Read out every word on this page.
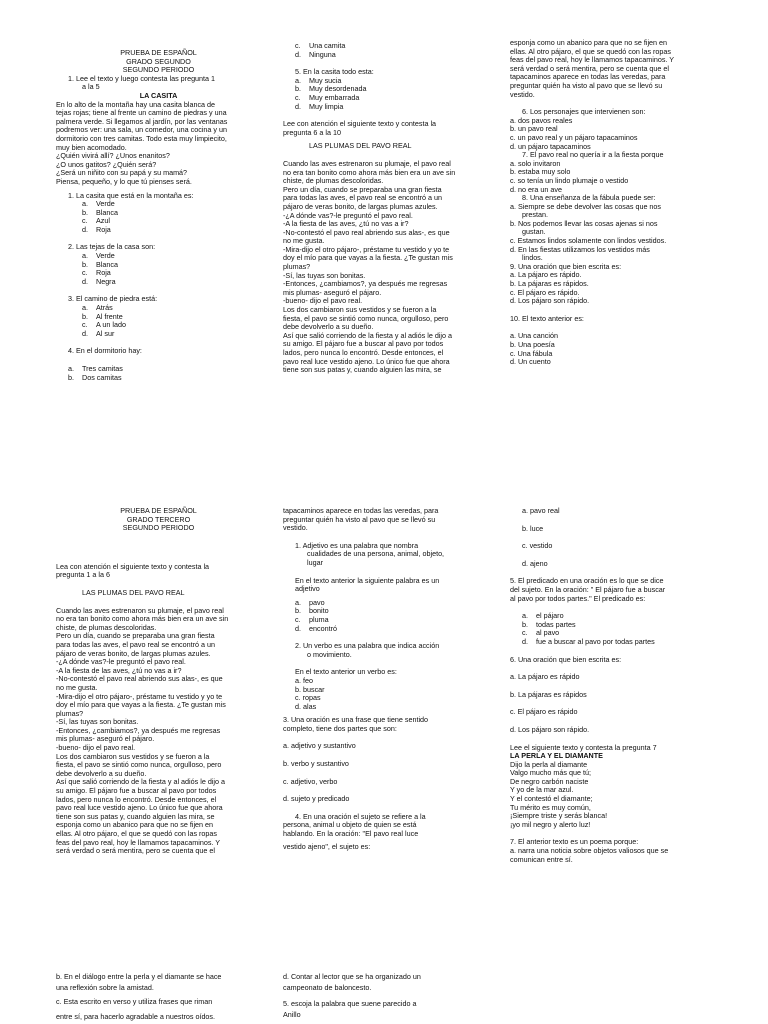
PRUEBA DE ESPAÑOL
GRADO SEGUNDO
SEGUNDO PERIODO
1. Lee el texto y luego contesta las pregunta 1
a la 5
LA CASITA
En lo alto de la montaña hay una casita blanca de
tejas rojas; tiene al frente un camino de piedras y una
palmera verde. Si llegamos al jardín, por las ventanas
podremos ver: una sala, un comedor, una cocina y un
dormitorio con tres camitas. Todo esta muy limpiecito,
muy bien acomodado.
¿Quién vivirá allí? ¿Unos enanitos?
¿O unos gatitos? ¿Quién será?
¿Será un niñito con su papá y su mamá?
Piensa, pequeño, y lo que tú pienses será.
1. La casita que está en la montaña es:
a.	Verde
b.	Blanca
c.	Azul
d.	Roja
2. Las tejas de la casa son:
a.	Verde
b.	Blanca
c.	Roja
d.	Negra
3. El camino de piedra está:
a.	Atrás
b.	Al frente
c.	A un lado
d.	Al sur
4. En el dormitorio hay:
a.	Tres camitas
b.	Dos camitas
c.	Una camita
d.	Ninguna
5. En la casita todo esta:
a.	Muy sucia
b.	Muy desordenada
c.	Muy embarrada
d.	Muy limpia
Lee con atención el siguiente texto y contesta la
pregunta 6 a la 10
LAS PLUMAS DEL PAVO REAL
Cuando las aves estrenaron su plumaje, el pavo real
no era tan bonito como ahora más bien era un ave sin
chiste, de plumas descoloridas.
Pero un día, cuando se preparaba una gran fiesta
para todas las aves, el pavo real se encontró a un
pájaro de veras bonito, de largas plumas azules.
-¿A dónde vas?-le preguntó el pavo real.
-A la fiesta de las aves, ¿tú no vas a ir?
-No-contestó el pavo real abriendo sus alas-, es que
no me gusta.
-Mira-dijo el otro pájaro-, préstame tu vestido y yo te
doy el mío para que vayas a la fiesta. ¿Te gustan mis
plumas?
-Sí, las tuyas son bonitas.
-Entonces, ¿cambiamos?, ya después me regresas
mis plumas- aseguró el pájaro.
-bueno- dijo el pavo real.
Los dos cambiaron sus vestidos y se fueron a la
fiesta, el pavo se sintió como nunca, orgulloso, pero
debe devolverlo a su dueño.
Así que salió corriendo de la fiesta y al adiós le dijo a
su amigo. El pájaro fue a buscar al pavo por todos
lados, pero nunca lo encontró. Desde entonces, el
pavo real luce vestido ajeno. Lo único fue que ahora
tiene son sus patas y, cuando alguien las mira, se
esponja como un abanico para que no se fijen en
ellas. Al otro pájaro, el que se quedó con las ropas
feas del pavo real, hoy le llamamos tapacaminos. Y
será verdad o será mentira, pero se cuenta que el
tapacaminos aparece en todas las veredas, para
preguntar quién ha visto al pavo que se llevó su
vestido.
6. Los personajes que intervienen son:
a. dos pavos reales
b. un pavo real
c. un pavo real y un pájaro tapacaminos
d. un pájaro tapacaminos
7. El pavo real no quería ir a la fiesta porque
a. solo invitaron
b. estaba muy solo
c. so tenía un lindo plumaje o vestido
d. no era un ave
8. Una enseñanza de la fábula puede ser:
a. Siempre se debe devolver las cosas que nos
prestan.
b. Nos podemos llevar las cosas ajenas si nos
gustan.
c. Estamos lindos solamente con lindos vestidos.
d. En las fiestas utilizamos los vestidos más
lindos.
9. Una oración que bien escrita es:
a. La pájaro es rápido.
b. La pájaras es rápidos.
c. El pájaro es rápido.
d. Los pájaro son rápido.
10. El texto anterior es:
a. Una canción
b. Una poesía
c. Una fábula
d. Un cuento
PRUEBA DE ESPAÑOL
GRADO TERCERO
SEGUNDO PERIODO
Lea con atención el siguiente texto y contesta la
pregunta 1 a la 6
LAS PLUMAS DEL PAVO REAL
Cuando las aves estrenaron su plumaje, el pavo real
no era tan bonito como ahora más bien era un ave sin
chiste, de plumas descoloridas.
Pero un día, cuando se preparaba una gran fiesta
para todas las aves, el pavo real se encontró a un
pájaro de veras bonito, de largas plumas azules.
-¿A dónde vas?-le preguntó el pavo real.
-A la fiesta de las aves, ¿tú no vas a ir?
-No-contestó el pavo real abriendo sus alas-, es que
no me gusta.
-Mira-dijo el otro pájaro-, préstame tu vestido y yo te
doy el mío para que vayas a la fiesta. ¿Te gustan mis
plumas?
-Sí, las tuyas son bonitas.
-Entonces, ¿cambiamos?, ya después me regresas
mis plumas- aseguró el pájaro.
-bueno- dijo el pavo real.
Los dos cambiaron sus vestidos y se fueron a la
fiesta, el pavo se sintió como nunca, orgulloso, pero
debe devolverlo a su dueño.
Así que salió corriendo de la fiesta y al adiós le dijo a
su amigo. El pájaro fue a buscar al pavo por todos
lados, pero nunca lo encontró. Desde entonces, el
pavo real luce vestido ajeno. Lo único fue que ahora
tiene son sus patas y, cuando alguien las mira, se
esponja como un abanico para que no se fijen en
ellas. Al otro pájaro, el que se quedó con las ropas
feas del pavo real, hoy le llamamos tapacaminos. Y
será verdad o será mentira, pero se cuenta que el
tapacaminos aparece en todas las veredas, para
preguntar quién ha visto al pavo que se llevó su
vestido.
1. Adjetivo es una palabra que nombra
cualidades de una persona, animal, objeto,
lugar
En el texto anterior la siguiente palabra es un
adjetivo
a.	pavo
b.	bonito
c.	pluma
d.	encontró
2. Un verbo es una palabra que indica acción
o movimiento.
En el texto anterior un verbo es:
a. feo
b. buscar
c. ropas
d. alas
3. Una oración es una frase que tiene sentido
completo, tiene dos partes que son:
a. adjetivo y sustantivo
b. verbo y sustantivo
c. adjetivo, verbo
d. sujeto y predicado
4. En una oración el sujeto se refiere a la
persona, animal u objeto de quien se está
hablando. En la oración: "El pavo real luce
vestido ajeno", el sujeto es:
a. pavo real
b. luce
c. vestido
d. ajeno
5. El predicado en una oración es lo que se dice
del sujeto. En la oración: " El pájaro fue a buscar
al pavo por todos partes." El predicado es:
a.	el pájaro
b.	todas partes
c.	al pavo
d.	fue a buscar al pavo por todas partes
6. Una oración que bien escrita es:
a. La pájaro es rápido
b. La pájaras es rápidos
c. El pájaro es rápido
d. Los pájaro son rápido.
Lee el siguiente texto y contesta la pregunta 7
LA PERLA Y EL DIAMANTE
Dijo la perla al diamante
Valgo mucho más que tú;
De negro carbón naciste
Y yo de la mar azul.
Y el contestó el diamante;
Tu mérito es muy común,
¡Siempre triste y serás blanca!
¡yo mil negro y alerto luz!
7. El anterior texto es un poema porque:
a. narra una noticia sobre objetos valiosos que se
comunican entre sí.
b. En el diálogo entre la perla y el diamante se hace
una reflexión sobre la amistad.
c. Esta escrito en verso y utiliza frases que riman
entre sí, para hacerlo agradable a nuestros oídos.
d. Contar al lector que se ha organizado un
campeonato de baloncesto.
5. escoja la palabra que suene parecido a
Anillo
